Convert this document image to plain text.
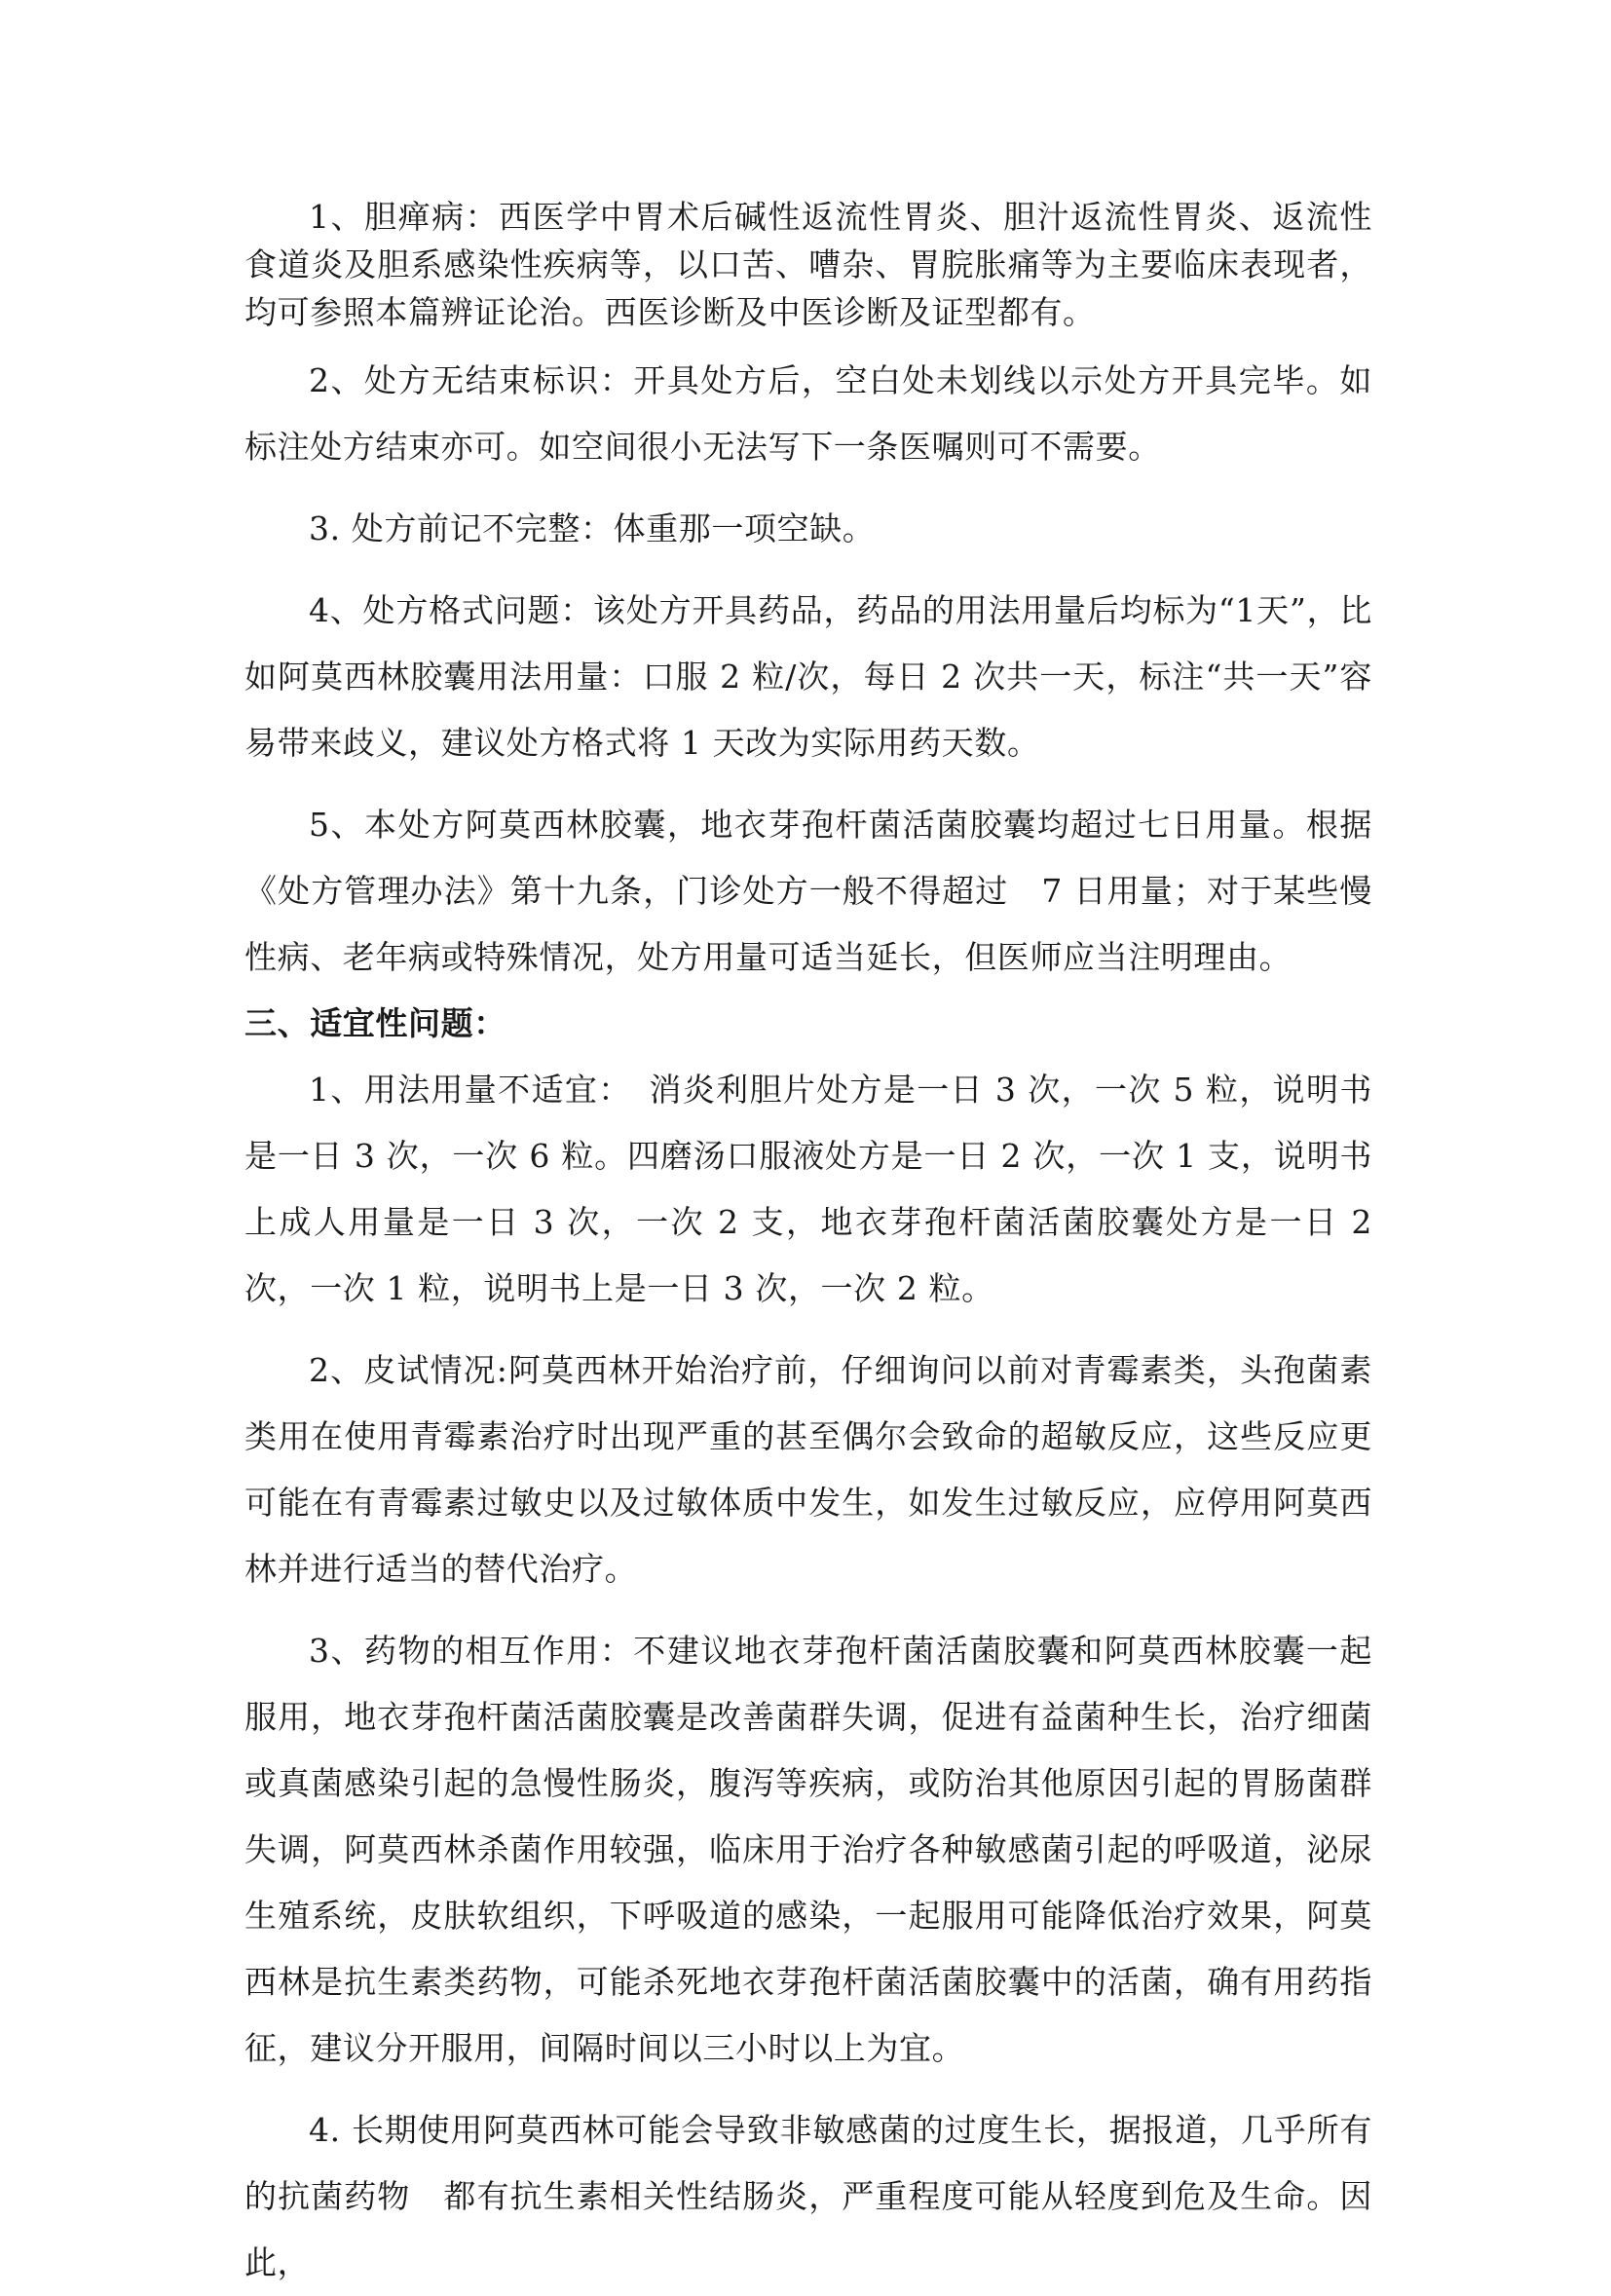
1、胆瘅病：西医学中胃术后碱性返流性胃炎、胆汁返流性胃炎、返流性食道炎及胆系感染性疾病等，以口苦、嘈杂、胃脘胀痛等为主要临床表现者，均可参照本篇辨证论治。西医诊断及中医诊断及证型都有。

2、处方无结束标识：开具处方后，空白处未划线以示处方开具完毕。如标注处方结束亦可。如空间很小无法写下一条医嘱则可不需要。

3. 处方前记不完整：体重那一项空缺。

4、处方格式问题：该处方开具药品，药品的用法用量后均标为“1天”，比如阿莫西林胶囊用法用量：口服 2 粒/次，每日 2 次共一天，标注“共一天”容易带来歧义，建议处方格式将 1 天改为实际用药天数。

5、本处方阿莫西林胶囊，地衣芽孢杆菌活菌胶囊均超过七日用量。根据《处方管理办法》第十九条，门诊处方一般不得超过　7 日用量；对于某些慢性病、老年病或特殊情况，处方用量可适当延长，但医师应当注明理由。

三、适宜性问题：

1、用法用量不适宜：　消炎利胆片处方是一日 3 次，一次 5 粒，说明书是一日 3 次，一次 6 粒。四磨汤口服液处方是一日 2 次，一次 1 支，说明书上成人用量是一日 3 次，一次 2 支，地衣芽孢杆菌活菌胶囊处方是一日 2 次，一次 1 粒，说明书上是一日 3 次，一次 2 粒。

2、皮试情况:阿莫西林开始治疗前，仔细询问以前对青霉素类，头孢菌素类用在使用青霉素治疗时出现严重的甚至偶尔会致命的超敏反应，这些反应更可能在有青霉素过敏史以及过敏体质中发生，如发生过敏反应，应停用阿莫西林并进行适当的替代治疗。

3、药物的相互作用：不建议地衣芽孢杆菌活菌胶囊和阿莫西林胶囊一起服用，地衣芽孢杆菌活菌胶囊是改善菌群失调，促进有益菌种生长，治疗细菌或真菌感染引起的急慢性肠炎，腹泻等疾病，或防治其他原因引起的胃肠菌群失调，阿莫西林杀菌作用较强，临床用于治疗各种敏感菌引起的呼吸道，泌尿生殖系统，皮肤软组织，下呼吸道的感染，一起服用可能降低治疗效果，阿莫西林是抗生素类药物，可能杀死地衣芽孢杆菌活菌胶囊中的活菌，确有用药指征，建议分开服用，间隔时间以三小时以上为宜。

4. 长期使用阿莫西林可能会导致非敏感菌的过度生长，据报道，几乎所有的抗菌药物　都有抗生素相关性结肠炎，严重程度可能从轻度到危及生命。因此，
